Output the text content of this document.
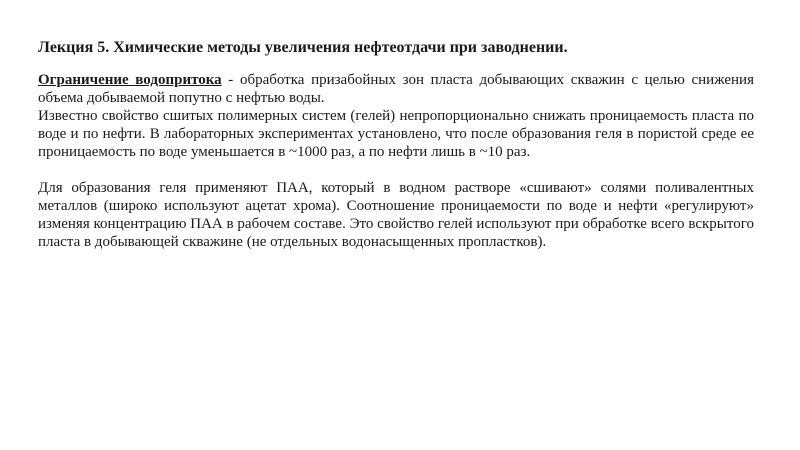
Лекция 5. Химические методы увеличения нефтеотдачи при заводнении.

Ограничение водопритока - обработка призабойных зон пласта добывающих скважин с целью снижения объема добываемой попутно с нефтью воды.

Известно свойство сшитых полимерных систем (гелей) непропорционально снижать проницаемость пласта по воде и по нефти. В лабораторных экспериментах установлено, что после образования геля в пористой среде ее проницаемость по воде уменьшается в ~1000 раз, а по нефти лишь в ~10 раз.

Для образования геля применяют ПАА, который в водном растворе «сшивают» солями поливалентных металлов (широко используют ацетат хрома). Соотношение проницаемости по воде и нефти «регулируют» изменяя концентрацию ПАА в рабочем составе. Это свойство гелей используют при обработке всего вскрытого пласта в добывающей скважине (не отдельных водонасыщенных пропластков).
